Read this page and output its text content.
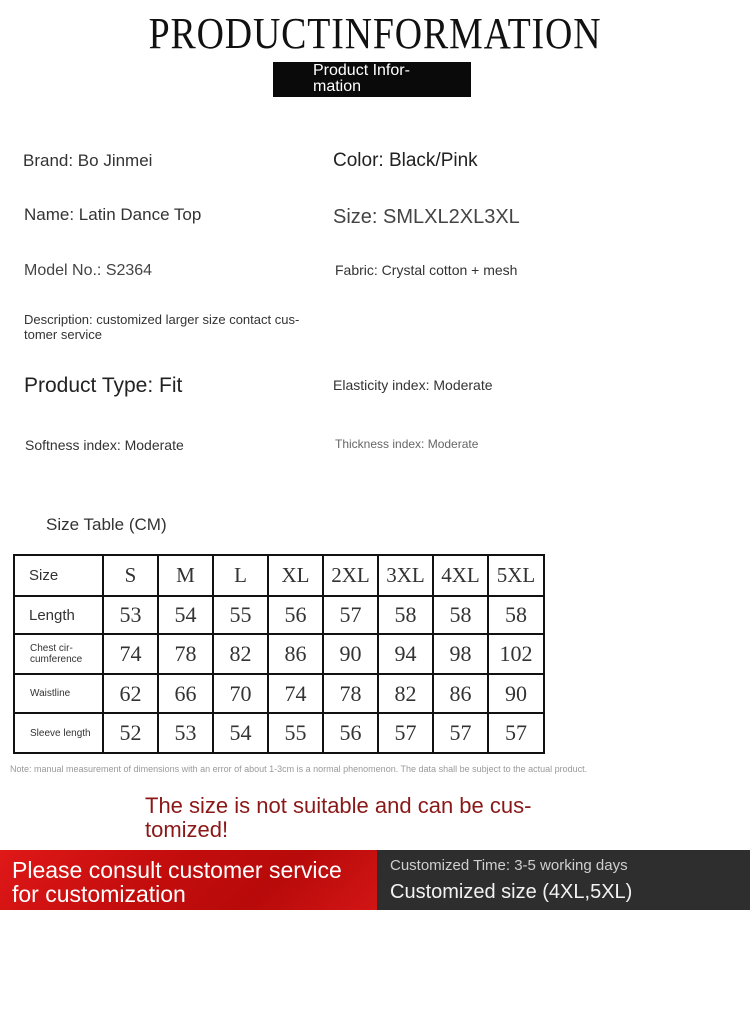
PRODUCTINFORMATION
Product Infor- mation
Brand: Bo Jinmei	Color: Black/Pink
Name: Latin Dance Top	Size: SMLXL2XL3XL
Model No.: S2364	Fabric: Crystal cotton + mesh
Description: customized larger size contact cus- tomer service
Product Type: Fit	Elasticity index: Moderate
Softness index: Moderate	Thickness index: Moderate
Size Table (CM)
Size	S	M	L	XL	2XL	3XL	4XL	5XL
Length	53	54	55	56	57	58	58	58
Chest cir- cumference	74	78	82	86	90	94	98	102
Waistline	62	66	70	74	78	82	86	90
Sleeve length	52	53	54	55	56	57	57	57
Note: manual measurement of dimensions with an error of about 1-3cm is a normal phenomenon. The data shall be subject to the actual product.
The size is not suitable and can be cus- tomized!
Please consult customer service for customization
Customized Time: 3-5 working days
Customized size (4XL,5XL)
